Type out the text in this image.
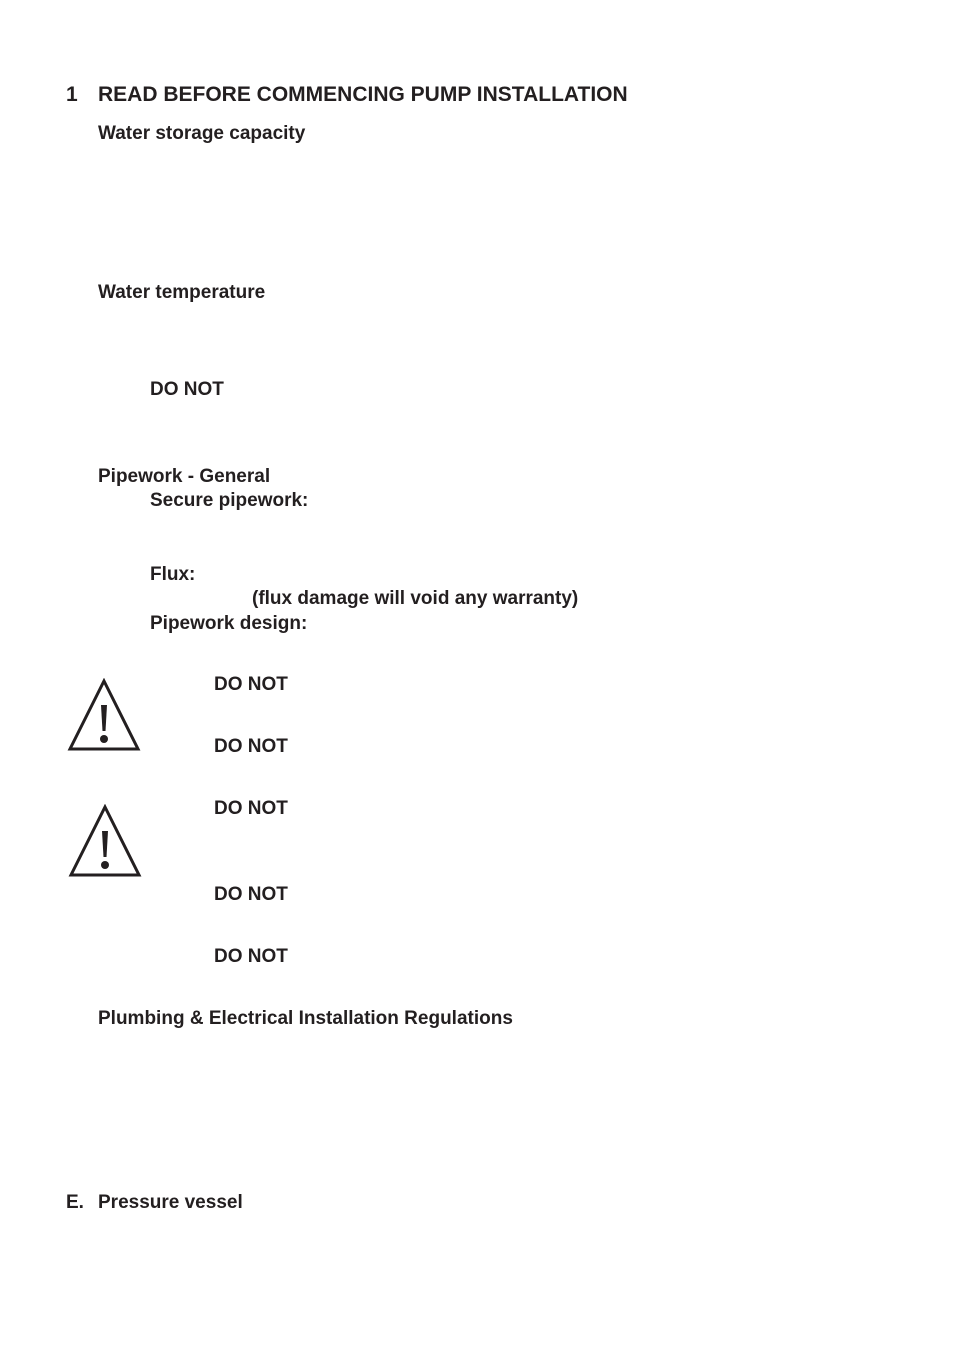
1 READ BEFORE COMMENCING PUMP INSTALLATION
Water storage capacity
Water temperature
DO NOT
Pipework - General
Secure pipework:
Flux:
(flux damage will void any warranty)
Pipework design:
DO NOT
DO NOT
DO NOT
DO NOT
DO NOT
Plumbing & Electrical Installation Regulations
E. Pressure vessel
